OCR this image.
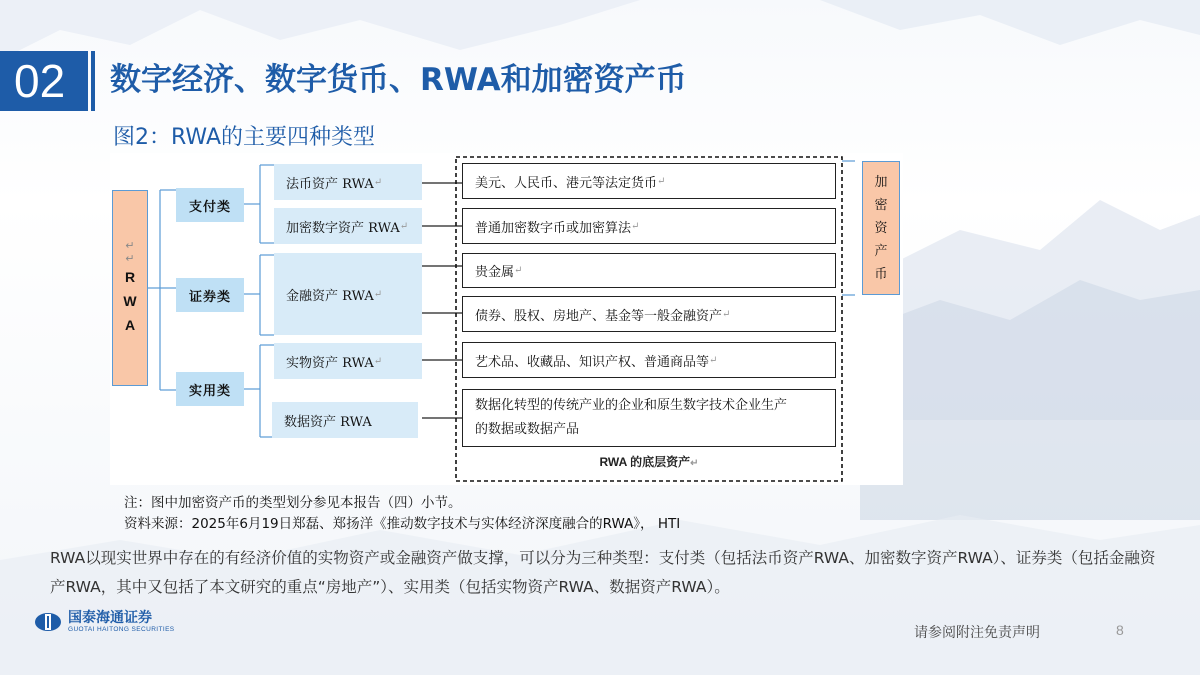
02	数字经济、数字货币、RWA和加密资产币
图2：RWA的主要四种类型
↵
↵
R
W
A
支付类
证券类
实用类
法币资产 RWA ↵
加密数字资产 RWA ↵
金融资产 RWA ↵
实物资产 RWA ↵
数据资产 RWA
美元、人民币、港元等法定货币 ↵
普通加密数字币或加密算法 ↵
贵金属 ↵
债券、股权、房地产、基金等一般金融资产 ↵
艺术品、收藏品、知识产权、普通商品等 ↵
数据化转型的传统产业的企业和原生数字技术企业生产
的数据或数据产品
RWA 的底层资产↵
加
密
资
产
币
注：图中加密资产币的类型划分参见本报告（四）小节。
资料来源：2025年6月19日郑磊、郑扬洋《推动数字技术与实体经济深度融合的RWA》， HTI
RWA以现实世界中存在的有经济价值的实物资产或金融资产做支撑，可以分为三种类型：支付类（包括法币资产RWA、加密数字资产RWA）、证券类（包括金融资产RWA，其中又包括了本文研究的重点“房地产”）、实用类（包括实物资产RWA、数据资产RWA）。
国泰海通证券
GUOTAI HAITONG SECURITIES	请参阅附注免责声明	8
